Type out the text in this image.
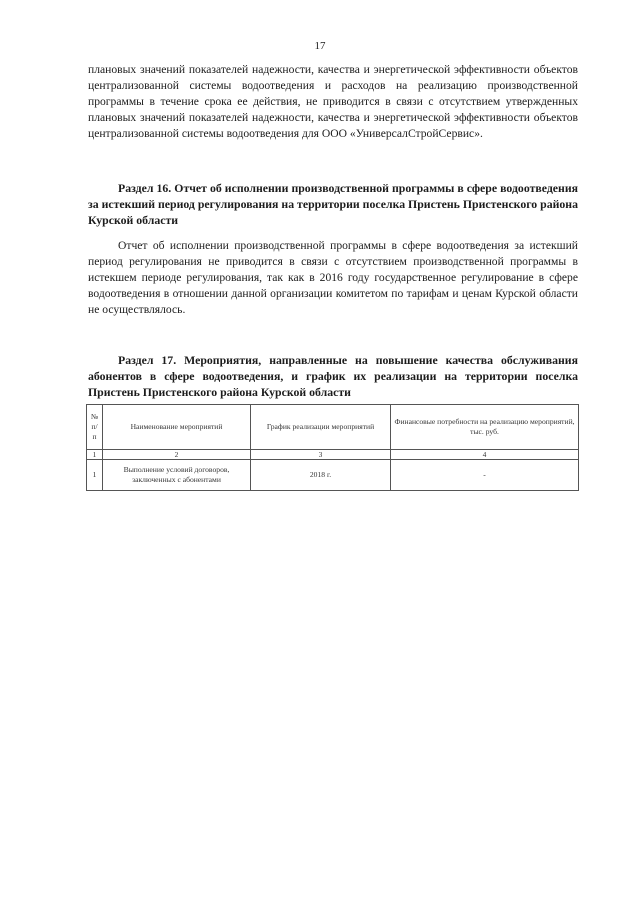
17
плановых значений показателей надежности, качества и энергетической эффективности объектов централизованной системы водоотведения и расходов на реализацию производственной программы в течение срока ее действия, не приводится в связи с отсутствием утвержденных плановых значений показателей надежности, качества и энергетической эффективности объектов централизованной системы водоотведения для ООО «УниверсалСтройСервис».
Раздел 16. Отчет об исполнении производственной программы в сфере водоотведения за истекший период регулирования на территории поселка Пристень Пристенского района Курской области
Отчет об исполнении производственной программы в сфере водоотведения за истекший период регулирования не приводится в связи с отсутствием производственной программы в истекшем периоде регулирования, так как в 2016 году государственное регулирование в сфере водоотведения в отношении данной организации комитетом по тарифам и ценам Курской области не осуществлялось.
Раздел 17. Мероприятия, направленные на повышение качества обслуживания абонентов в сфере водоотведения, и график их реализации на территории поселка Пристень Пристенского района Курской области
№ п/п	Наименование мероприятий	График реализации мероприятий	Финансовые потребности на реализацию мероприятий, тыс. руб.
1	2	3	4
1	Выполнение условий договоров, заключенных с абонентами	2018 г.	-
